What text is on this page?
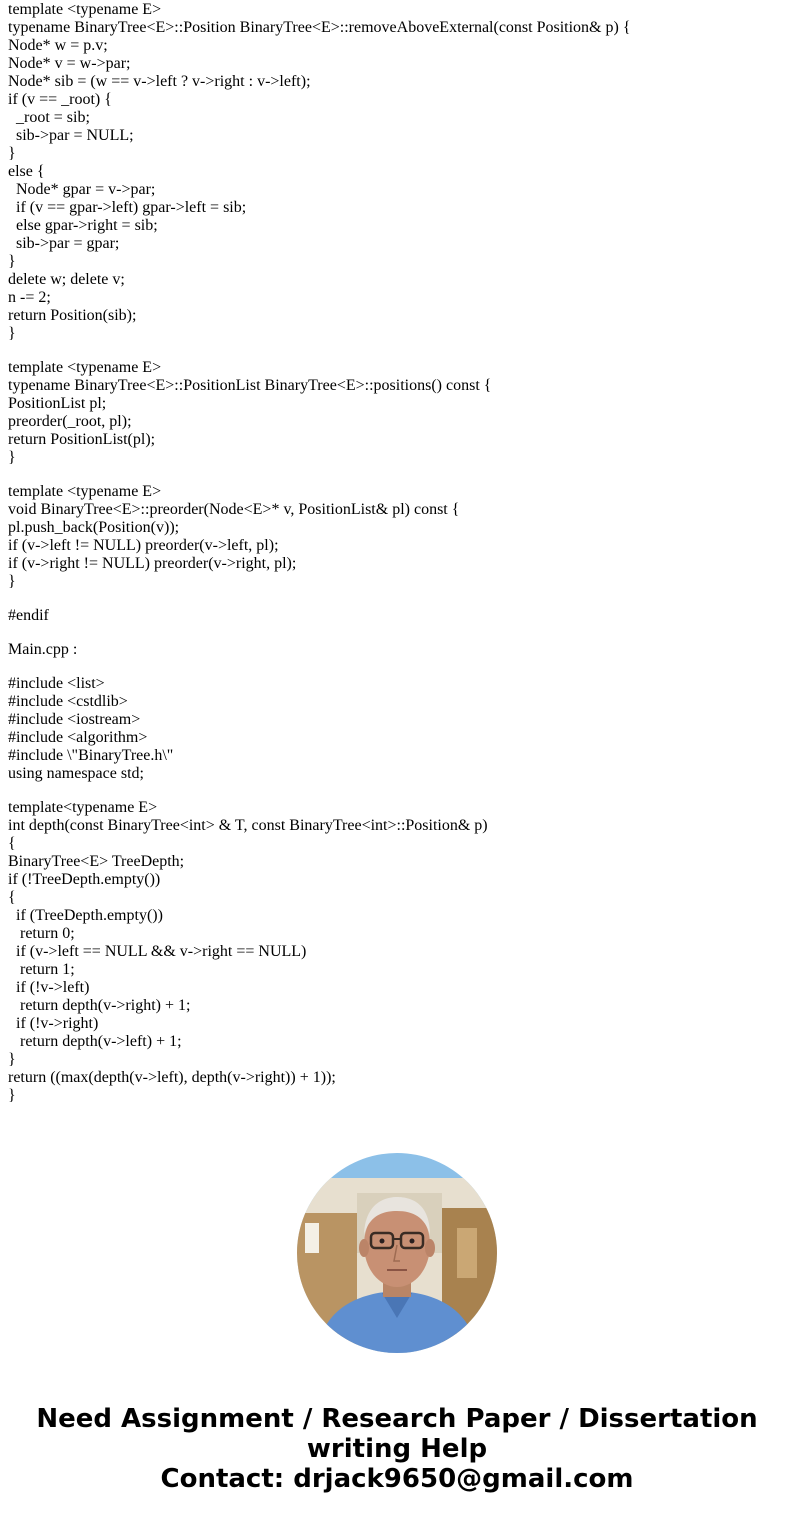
template <typename E>
typename BinaryTree<E>::Position BinaryTree<E>::removeAboveExternal(const Position& p) {
Node* w = p.v;
Node* v = w->par;
Node* sib = (w == v->left ? v->right : v->left);
if (v == _root) {
_root = sib;
sib->par = NULL;
}
else {
Node* gpar = v->par;
if (v == gpar->left) gpar->left = sib;
else gpar->right = sib;
sib->par = gpar;
}
delete w; delete v;
n -= 2;
return Position(sib);
}
template <typename E>
typename BinaryTree<E>::PositionList BinaryTree<E>::positions() const {
PositionList pl;
preorder(_root, pl);
return PositionList(pl);
}
template <typename E>
void BinaryTree<E>::preorder(Node<E>* v, PositionList& pl) const {
pl.push_back(Position(v));
if (v->left != NULL) preorder(v->left, pl);
if (v->right != NULL) preorder(v->right, pl);
}
#endif
Main.cpp :
#include <list>
#include <cstdlib>
#include <iostream>
#include <algorithm>
#include \"BinaryTree.h\"
using namespace std;
template<typename E>
int depth(const BinaryTree<int> & T, const BinaryTree<int>::Position& p)
{
BinaryTree<E> TreeDepth;
if (!TreeDepth.empty())
{
if (TreeDepth.empty())
return 0;
if (v->left == NULL && v->right == NULL)
return 1;
if (!v->left)
return depth(v->right) + 1;
if (!v->right)
return depth(v->left) + 1;
}
return ((max(depth(v->left), depth(v->right)) + 1));
}
Need Assignment / Research Paper / Dissertation
writing Help
Contact: drjack9650@gmail.com
